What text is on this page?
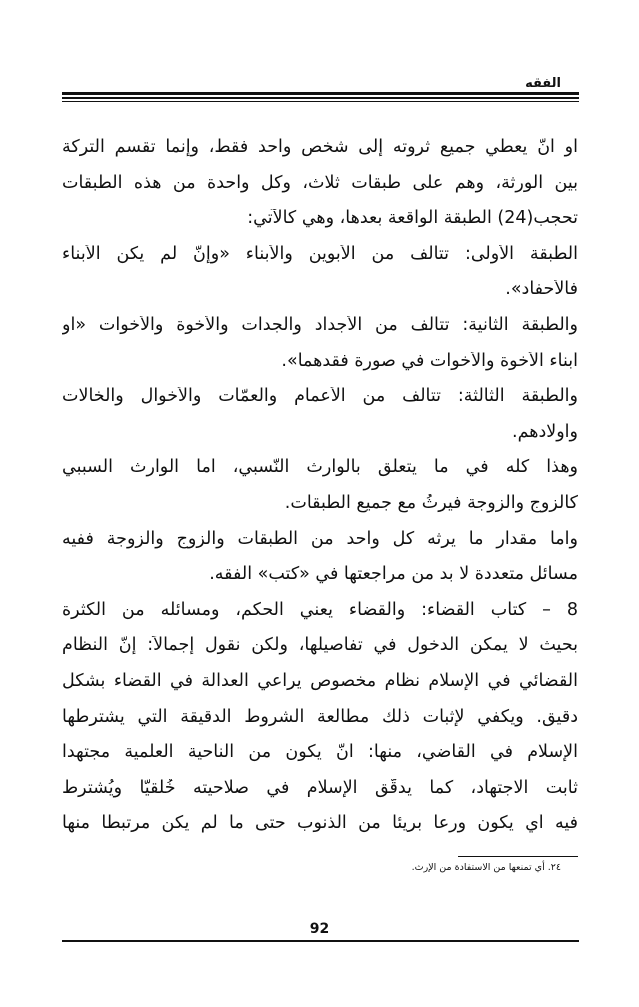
الفقه
أو أنّ يعطي جميع ثروته إلى شخص واحد فقط، وإنما تقسم التركة
بين الورثة، وهم على طبقات ثلاث، وكل واحدة من هذه الطبقات
تحجب(24) الطبقة الواقعة بعدها، وهي كالآتي:
الطبقة الأولى: تتألف من الأبوين والأبناء «وإنّ لم يكن الأبناء
فالأحفاد».
والطبقة الثانية: تتألف من الأجداد والجدات والأخوة والأخوات «أو
أبناء الأخوة والأخوات في صورة فقدهما».
والطبقة الثالثة: تتألف من الأعمام والعمّات والأخوال والخالات
وأولادهم.
وهذا كله في ما يتعلق بالوارث النّسبي، أما الوارث السببي
كالزوج والزوجة فيرثُ مع جميع الطبقات.
وأما مقدار ما يرثه كل واحد من الطبقات والزوج والزوجة ففيه
مسائل متعددة لا بد من مراجعتها في «كتب» الفقه.
8 – كتاب القضاء: والقضاء يعني الحكم، ومسائله من الكثرة
بحيث لا يمكن الدخول في تفاصيلها، ولكن نقول إجمالاً: إنّ النظام
القضائي في الإسلام نظام مخصوص يراعي العدالة في القضاء بشكل
دقيق. ويكفي لإثبات ذلك مطالعة الشروط الدقيقة التي يشترطها
الإسلام في القاضي، منها: أنّ يكون من الناحية العلمية مجتهداً
ثابت الاجتهاد، كما يدقّق الإسلام في صلاحيته خُلُقيّاً ويُشترط
فيه أي يكون ورعاً بريئاً من الذنوب حتى ما لم يكن مرتبطاً منها
٢٤. أي تمنعها من الاستفادة من الإرث.
92
